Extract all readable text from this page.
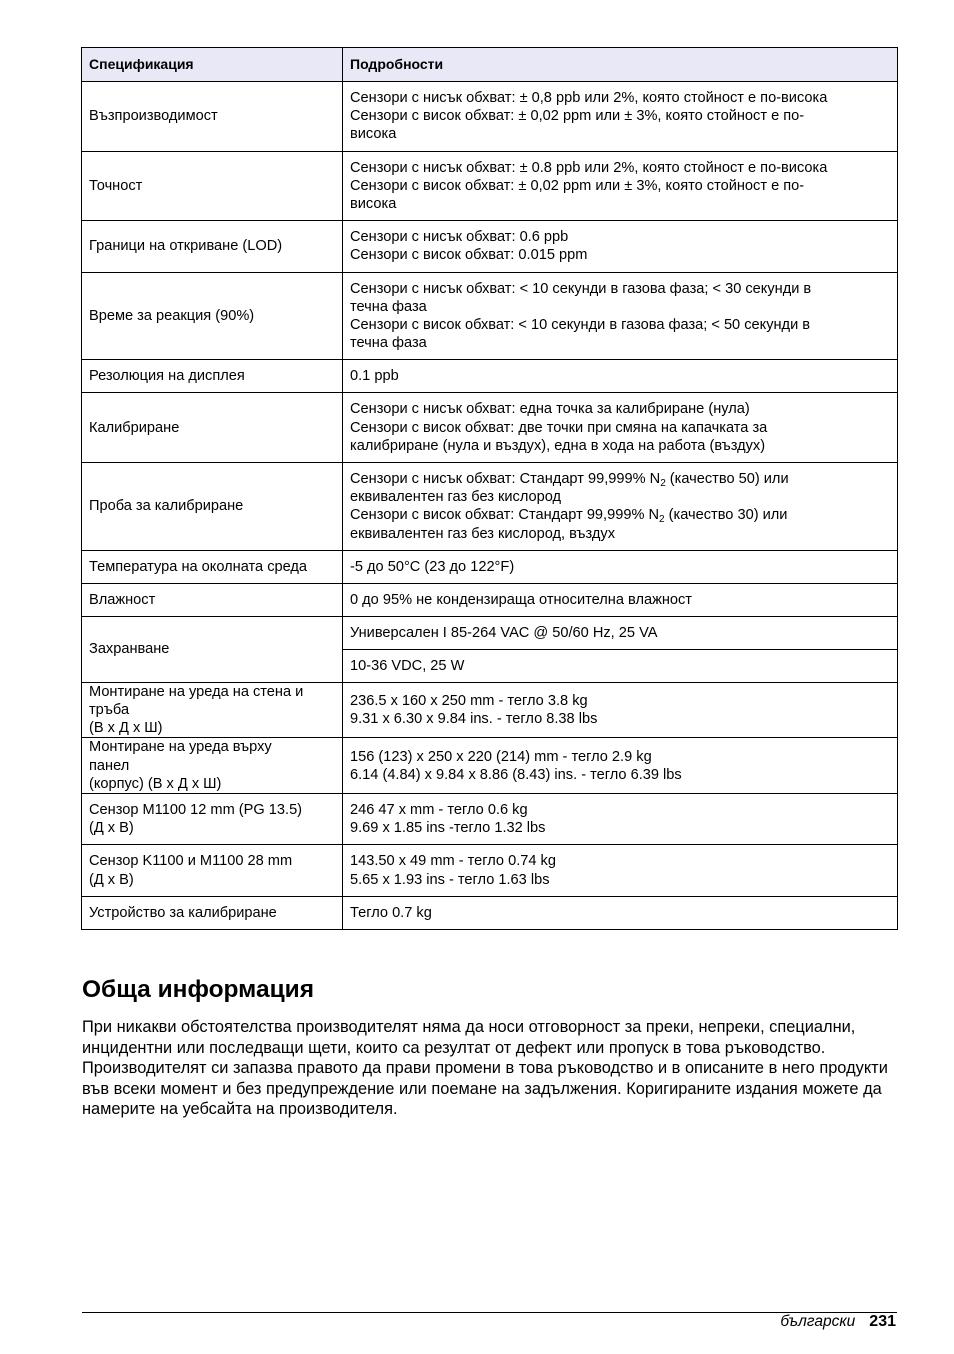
Спецификация	Подробности

Възпроизводимост	Сензори с нисък обхват: ± 0,8 ppb или 2%, която стойност е по-висока
Сензори с висок обхват: ± 0,02 ppm или ± 3%, която стойност е по-
висока

Точност	Сензори с нисък обхват: ± 0.8 ppb или 2%, която стойност е по-висока
Сензори с висок обхват: ± 0,02 ppm или ± 3%, която стойност е по-
висока

Граници на откриване (LOD)	Сензори с нисък обхват: 0.6 ppb
Сензори с висок обхват: 0.015 ppm

Време за реакция (90%)	Сензори с нисък обхват: < 10 секунди в газова фаза; < 30 секунди в
течна фаза
Сензори с висок обхват: < 10 секунди в газова фаза; < 50 секунди в
течна фаза

Резолюция на дисплея	0.1 ppb

Калибриране	Сензори с нисък обхват: една точка за калибриране (нула)
Сензори с висок обхват: две точки при смяна на капачката за
калибриране (нула и въздух), една в хода на работа (въздух)

Проба за калибриране	Сензори с нисък обхват: Стандарт 99,999% $N_2$ (качество 50) или
еквивалентен газ без кислород
Сензори с висок обхват: Стандарт 99,999% $N_2$ (качество 30) или
еквивалентен газ без кислород, въздух

Температура на околната среда	-5 до 50°C (23 до 122°F)

Влажност	0 до 95% не кондензираща относителна влажност

Захранване	Универсален I 85-264 VAC @ 50/60 Hz, 25 VA
	10-36 VDC, 25 W

Монтиране на уреда на стена и
тръба
(В x Д x Ш)	236.5 x 160 x 250 mm - тегло 3.8 kg
9.31 x 6.30 x 9.84 ins. - тегло 8.38 lbs

Монтиране на уреда върху
панел
(корпус) (В x Д x Ш)	156 (123) x 250 x 220 (214) mm - тегло 2.9 kg
6.14 (4.84) x 9.84 x 8.86 (8.43) ins. - тегло 6.39 lbs

Сензор M1100 12 mm (PG 13.5)
(Д x В)	246 47 x mm - тегло 0.6 kg
9.69 x 1.85 ins -тегло 1.32 lbs

Сензор K1100 и M1100 28 mm
(Д x В)	143.50 x 49 mm - тегло 0.74 kg
5.65 x 1.93 ins - тегло 1.63 lbs

Устройство за калибриране	Тегло 0.7 kg
Обща информация

При никакви обстоятелства производителят няма да носи отговорност за преки, непреки, специални, инцидентни или последващи щети, които са резултат от дефект или пропуск в това ръководство. Производителят си запазва правото да прави промени в това ръководство и в описаните в него продукти във всеки момент и без предупреждение или поемане на задължения. Коригираните издания можете да намерите на уебсайта на производителя.

български 231
